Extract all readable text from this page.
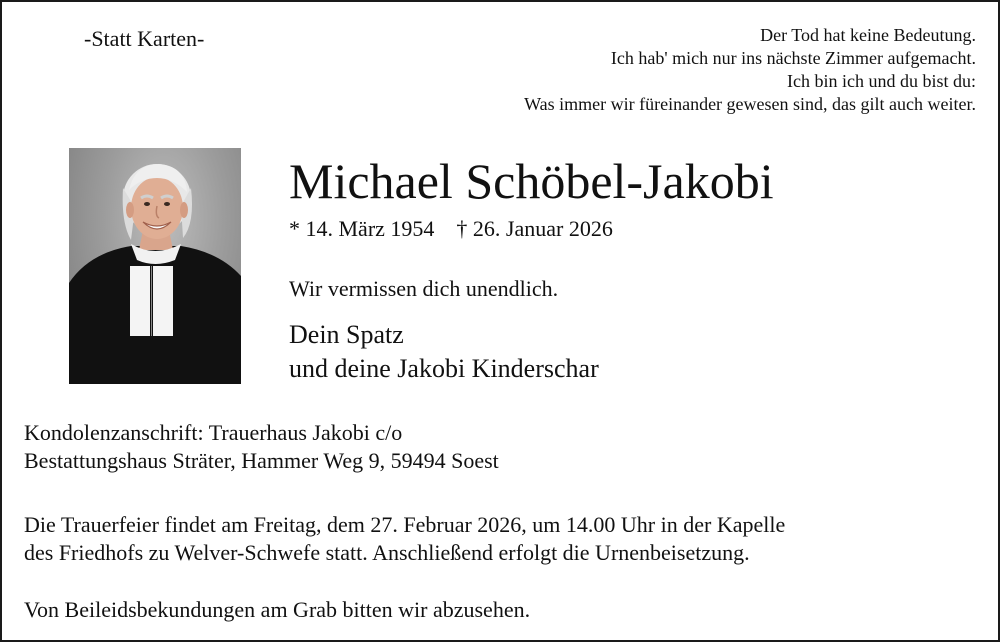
-Statt Karten-	Der Tod hat keine Bedeutung.
Ich hab' mich nur ins nächste Zimmer aufgemacht.
Ich bin ich und du bist du:
Was immer wir füreinander gewesen sind, das gilt auch weiter.
Michael Schöbel-Jakobi
* 14. März 1954 † 26. Januar 2026
Wir vermissen dich unendlich.
Dein Spatz
und deine Jakobi Kinderschar
Kondolenzanschrift: Trauerhaus Jakobi c/o
Bestattungshaus Sträter, Hammer Weg 9, 59494 Soest
Die Trauerfeier findet am Freitag, dem 27. Februar 2026, um 14.00 Uhr in der Kapelle
des Friedhofs zu Welver-Schwefe statt. Anschließend erfolgt die Urnenbeisetzung.
Von Beileidsbekundungen am Grab bitten wir abzusehen.
